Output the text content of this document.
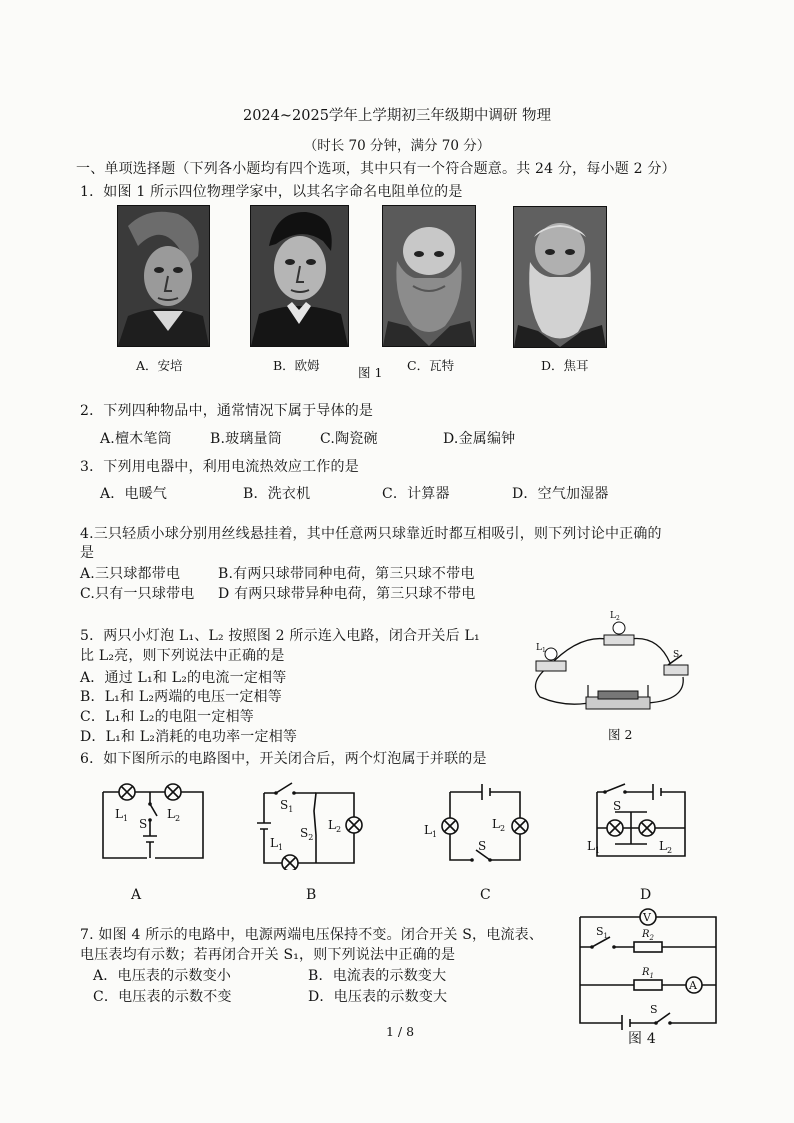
2024~2025学年上学期初三年级期中调研 物理
（时长 70 分钟，满分 70 分）
一、单项选择题（下列各小题均有四个选项，其中只有一个符合题意。共 24 分，每小题 2 分）
1．如图 1 所示四位物理学家中，以其名字命名电阻单位的是
A．安培	B．欧姆	图 1 C．瓦特	D．焦耳
2．下列四种物品中，通常情况下属于导体的是
A.檀木笔筒	B.玻璃量筒	C.陶瓷碗	D.金属编钟
3．下列用电器中，利用电流热效应工作的是
A．电暖气	B．洗衣机	C．计算器	D．空气加湿器
4.三只轻质小球分别用丝线悬挂着，其中任意两只球靠近时都互相吸引，则下列讨论中正确的
是
A.三只球都带电	B.有两只球带同种电荷，第三只球不带电
C.只有一只球带电 D 有两只球带异种电荷，第三只球不带电
5．两只小灯泡 L₁、L₂ 按照图 2 所示连入电路，闭合开关后 L₁
比 L₂亮，则下列说法中正确的是
A．通过 L₁和 L₂的电流一定相等
B．L₁和 L₂两端的电压一定相等
C．L₁和 L₂的电阻一定相等
D．L₁和 L₂消耗的电功率一定相等
$L_1$
$L_2$
S
图 2
6．如下图所示的电路图中，开关闭合后，两个灯泡属于并联的是
$L_1$ S
$L_2$
A
$S_1$
$S_2$
$L_1$
$L_2$
B
$L_1$
$L_2$
S
C
S
$L_1$	$L_2$
D
7. 如图 4 所示的电路中，电源两端电压保持不变。闭合开关 S，电流表、
电压表均有示数；若再闭合开关 S₁，则下列说法中正确的是
A．电压表的示数变小	B．电流表的示数变大
C．电压表的示数不变	D．电压表的示数变大
V
$S_1$	$R_2$
$R_1$
A
S
图 4
1 / 8
